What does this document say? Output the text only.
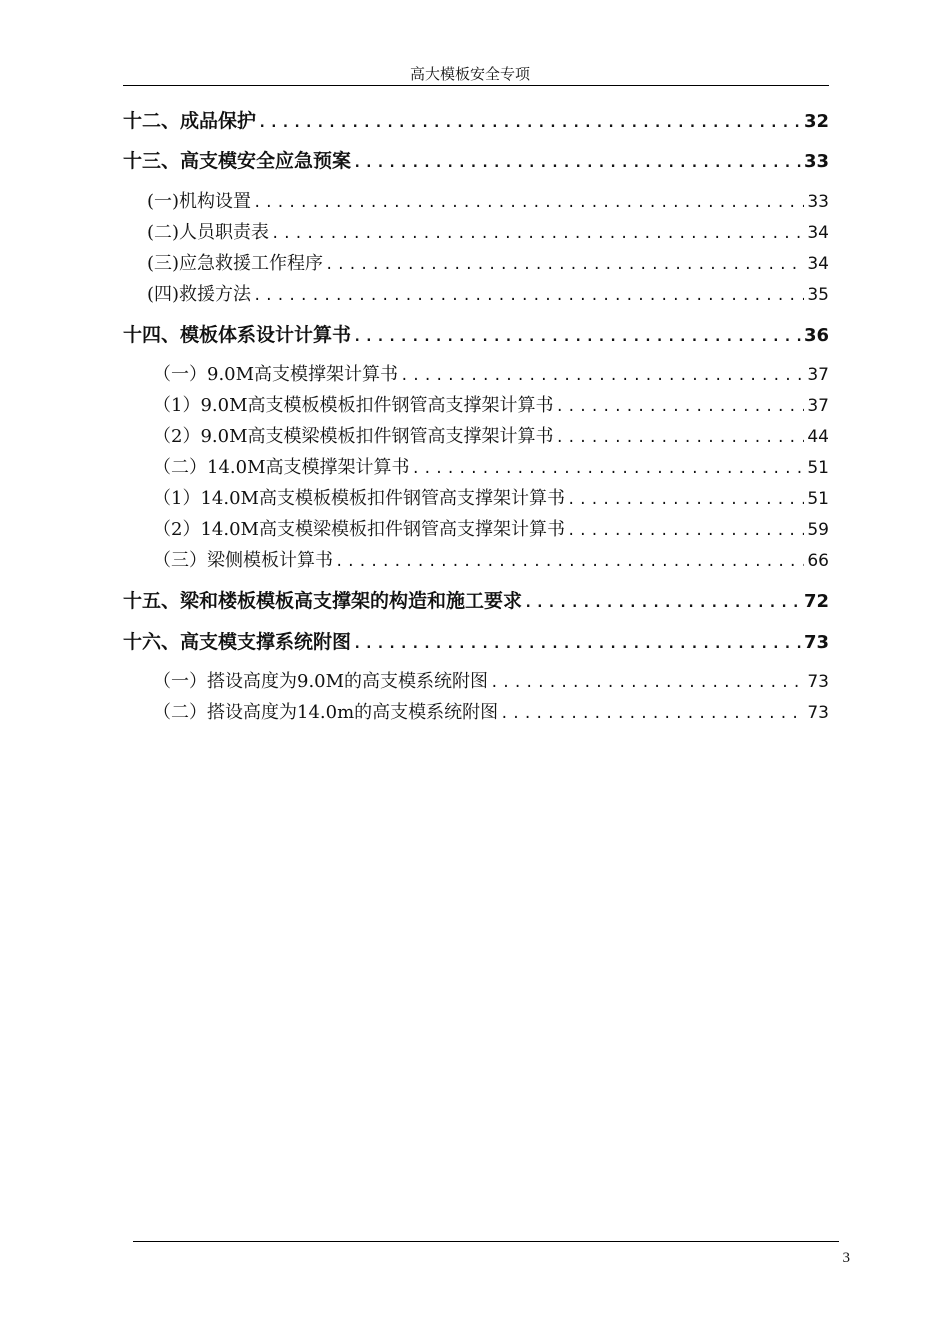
高大模板安全专项
十二、成品保护 .....	32
十三、高支模安全应急预案 .....	33
(一)机构设置 .....	33
(二)人员职责表 .....	34
(三)应急救援工作程序 .....	34
(四)救援方法 .....	35
十四、模板体系设计计算书 .....	36
（一）9.0M高支模撑架计算书 .....	37
（1）9.0M高支模板模板扣件钢管高支撑架计算书 .....	37
（2）9.0M高支模梁模板扣件钢管高支撑架计算书 .....	44
（二）14.0M高支模撑架计算书 .....	51
（1）14.0M高支模板模板扣件钢管高支撑架计算书 .....	51
（2）14.0M高支模梁模板扣件钢管高支撑架计算书 .....	59
（三）梁侧模板计算书 .....	66
十五、梁和楼板模板高支撑架的构造和施工要求 .....	72
十六、高支模支撑系统附图 .....	73
（一）搭设高度为9.0M的高支模系统附图 .....	73
（二）搭设高度为14.0m的高支模系统附图 .....	73
3
